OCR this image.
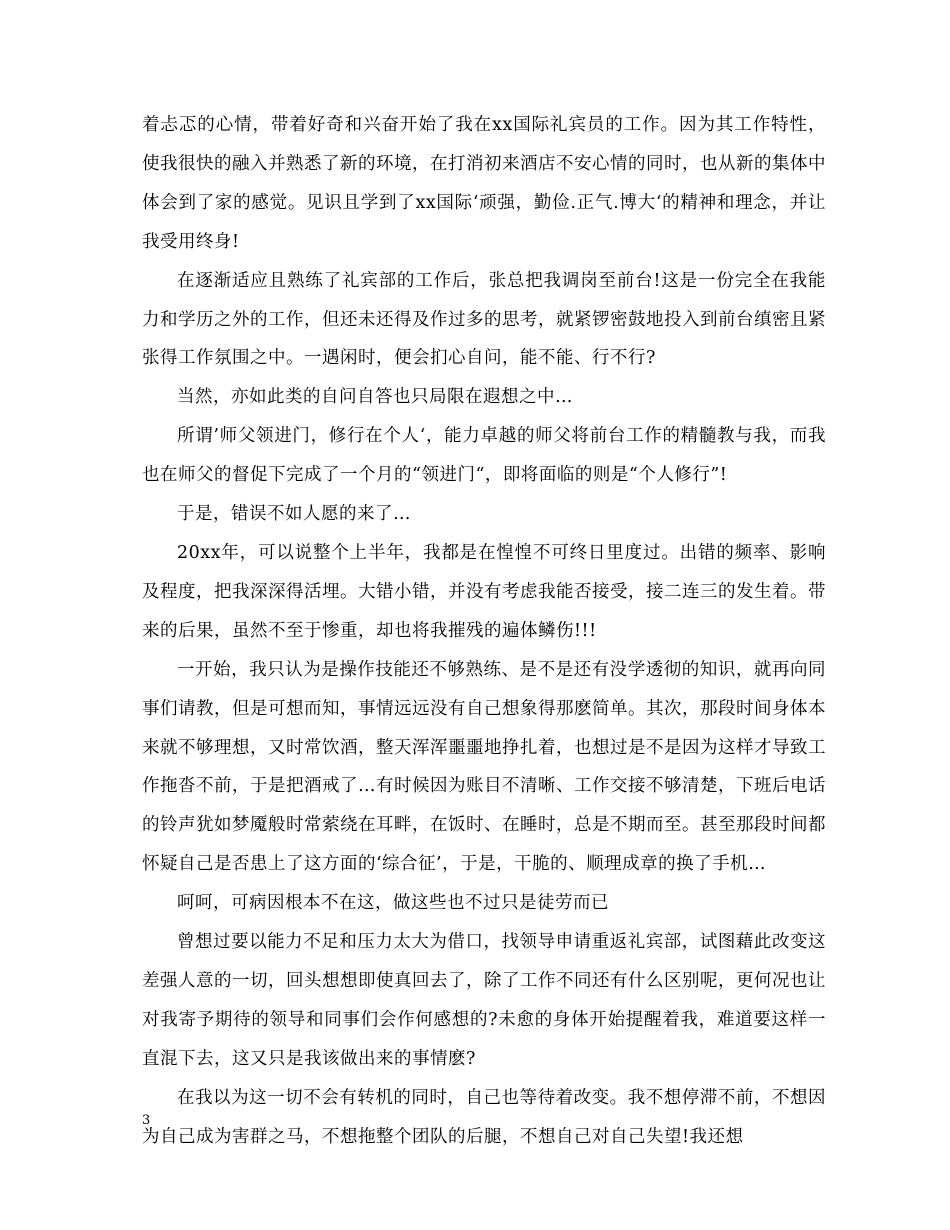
着忐忑的心情，带着好奇和兴奋开始了我在xx国际礼宾员的工作。因为其工作特性，使我很快的融入并熟悉了新的环境，在打消初来酒店不安心情的同时，也从新的集体中体会到了家的感觉。见识且学到了xx国际‘顽强，勤俭.正气.博大‘的精神和理念，并让我受用终身!

在逐渐适应且熟练了礼宾部的工作后，张总把我调岗至前台!这是一份完全在我能力和学历之外的工作，但还未还得及作过多的思考，就紧锣密鼓地投入到前台缜密且紧张得工作氛围之中。一遇闲时，便会扪心自问，能不能、行不行?

当然，亦如此类的自问自答也只局限在遐想之中…

所谓’师父领进门，修行在个人‘，能力卓越的师父将前台工作的精髓教与我，而我也在师父的督促下完成了一个月的“领进门“，即将面临的则是“个人修行”!

于是，错误不如人愿的来了…

20xx年，可以说整个上半年，我都是在惶惶不可终日里度过。出错的频率、影响及程度，把我深深得活埋。大错小错，并没有考虑我能否接受，接二连三的发生着。带来的后果，虽然不至于惨重，却也将我摧残的遍体鳞伤!!!

一开始，我只认为是操作技能还不够熟练、是不是还有没学透彻的知识，就再向同事们请教，但是可想而知，事情远远没有自己想象得那麽简单。其次，那段时间身体本来就不够理想，又时常饮酒，整天浑浑噩噩地挣扎着，也想过是不是因为这样才导致工作拖沓不前，于是把酒戒了…有时候因为账目不清晰、工作交接不够清楚，下班后电话的铃声犹如梦魇般时常萦绕在耳畔，在饭时、在睡时，总是不期而至。甚至那段时间都怀疑自己是否患上了这方面的‘综合征’，于是，干脆的、顺理成章的换了手机…

呵呵，可病因根本不在这，做这些也不过只是徒劳而已

曾想过要以能力不足和压力太大为借口，找领导申请重返礼宾部，试图藉此改变这差强人意的一切，回头想想即使真回去了，除了工作不同还有什么区别呢，更何况也让对我寄予期待的领导和同事们会作何感想的?未愈的身体开始提醒着我，难道要这样一直混下去，这又只是我该做出来的事情麽?

在我以为这一切不会有转机的同时，自己也等待着改变。我不想停滞不前，不想因为自己成为害群之马，不想拖整个团队的后腿，不想自己对自己失望!我还想

3
